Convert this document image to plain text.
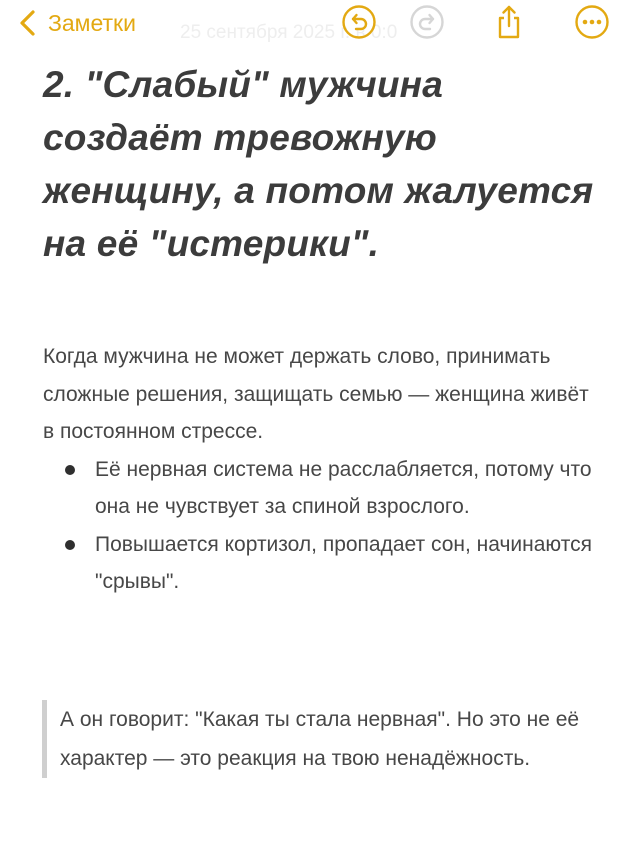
Заметки 25 сентября 2025 г. в 0:0
2. "Слабый" мужчина создаёт тревожную женщину, а потом жалуется на её "истерики".

Когда мужчина не может держать слово, принимать сложные решения, защищать семью — женщина живёт в постоянном стрессе.

Её нервная система не расслабляется, потому что она не чувствует за спиной взрослого.
Повышается кортизол, пропадает сон, начинаются "срывы".
А он говорит: "Какая ты стала нервная". Но это не её характер — это реакция на твою ненадёжность.
